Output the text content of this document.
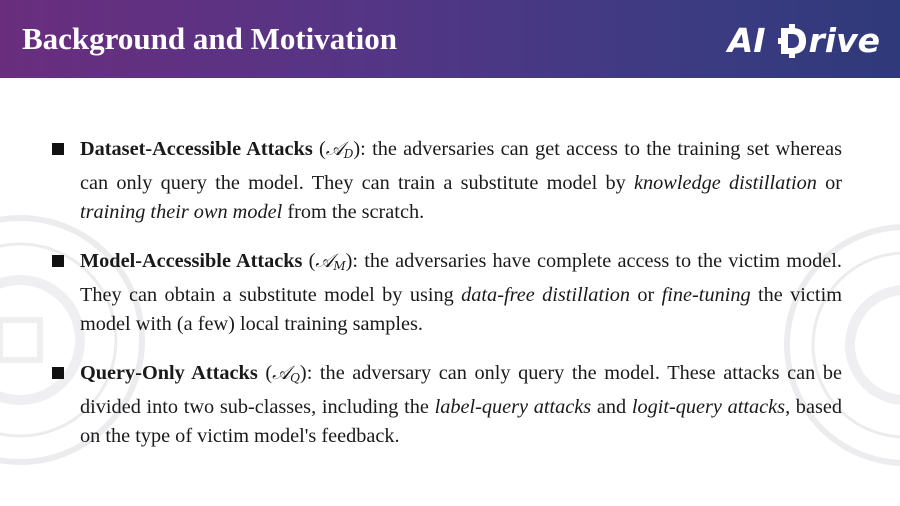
Background and Motivation	AI rive
Dataset-Accessible Attacks (𝒜$_D$): the adversaries can get access to the training set whereas can only query the model. They can train a substitute model by knowledge distillation or training their own model from the scratch.
Model-Accessible Attacks (𝒜$_M$): the adversaries have complete access to the victim model. They can obtain a substitute model by using data-free distillation or fine-tuning the victim model with (a few) local training samples.
Query-Only Attacks (𝒜$_Q$): the adversary can only query the model. These attacks can be divided into two sub-classes, including the label-query attacks and logit-query attacks, based on the type of victim model's feedback.
